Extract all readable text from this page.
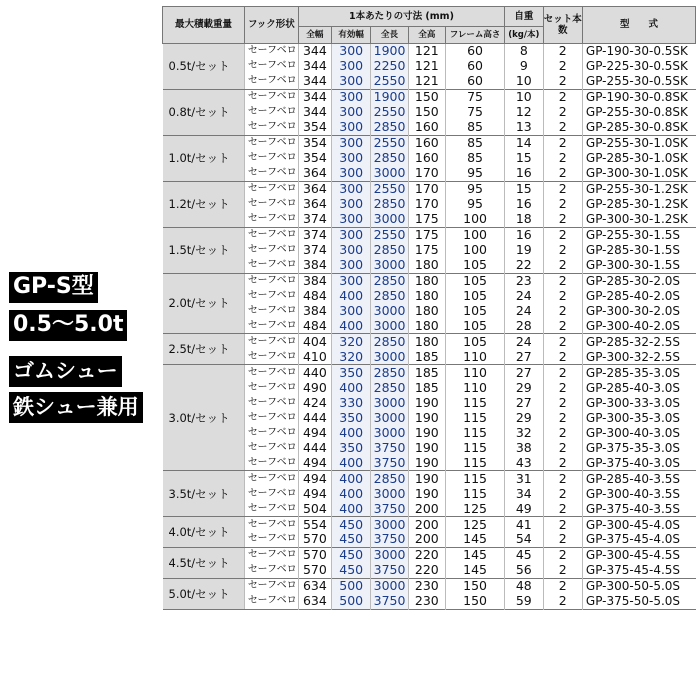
GP-S型
0.5〜5.0t
ゴムシュー
鉄シュー兼用
最大積載重量	フック形状	1本あたりの寸法 (mm)					自重	セット本数	型　　式
		全幅	有効幅	全長	全高	フレーム高さ	(kg/本)		
0.5t/セット	セーフベロ	344	300	1900	121	60	8	2	GP-190-30-0.5SK
	セーフベロ	344	300	2250	121	60	9	2	GP-225-30-0.5SK
	セーフベロ	344	300	2550	121	60	10	2	GP-255-30-0.5SK
0.8t/セット	セーフベロ	344	300	1900	150	75	10	2	GP-190-30-0.8SK
	セーフベロ	344	300	2550	150	75	12	2	GP-255-30-0.8SK
	セーフベロ	354	300	2850	160	85	13	2	GP-285-30-0.8SK
1.0t/セット	セーフベロ	354	300	2550	160	85	14	2	GP-255-30-1.0SK
	セーフベロ	354	300	2850	160	85	15	2	GP-285-30-1.0SK
	セーフベロ	364	300	3000	170	95	16	2	GP-300-30-1.0SK
1.2t/セット	セーフベロ	364	300	2550	170	95	15	2	GP-255-30-1.2SK
	セーフベロ	364	300	2850	170	95	16	2	GP-285-30-1.2SK
	セーフベロ	374	300	3000	175	100	18	2	GP-300-30-1.2SK
1.5t/セット	セーフベロ	374	300	2550	175	100	16	2	GP-255-30-1.5S
	セーフベロ	374	300	2850	175	100	19	2	GP-285-30-1.5S
	セーフベロ	384	300	3000	180	105	22	2	GP-300-30-1.5S
2.0t/セット	セーフベロ	384	300	2850	180	105	23	2	GP-285-30-2.0S
	セーフベロ	484	400	2850	180	105	24	2	GP-285-40-2.0S
	セーフベロ	384	300	3000	180	105	24	2	GP-300-30-2.0S
	セーフベロ	484	400	3000	180	105	28	2	GP-300-40-2.0S
2.5t/セット	セーフベロ	404	320	2850	180	105	24	2	GP-285-32-2.5S
	セーフベロ	410	320	3000	185	110	27	2	GP-300-32-2.5S
3.0t/セット	セーフベロ	440	350	2850	185	110	27	2	GP-285-35-3.0S
	セーフベロ	490	400	2850	185	110	29	2	GP-285-40-3.0S
	セーフベロ	424	330	3000	190	115	27	2	GP-300-33-3.0S
	セーフベロ	444	350	3000	190	115	29	2	GP-300-35-3.0S
	セーフベロ	494	400	3000	190	115	32	2	GP-300-40-3.0S
	セーフベロ	444	350	3750	190	115	38	2	GP-375-35-3.0S
	セーフベロ	494	400	3750	190	115	43	2	GP-375-40-3.0S
3.5t/セット	セーフベロ	494	400	2850	190	115	31	2	GP-285-40-3.5S
	セーフベロ	494	400	3000	190	115	34	2	GP-300-40-3.5S
	セーフベロ	504	400	3750	200	125	49	2	GP-375-40-3.5S
4.0t/セット	セーフベロ	554	450	3000	200	125	41	2	GP-300-45-4.0S
	セーフベロ	570	450	3750	200	145	54	2	GP-375-45-4.0S
4.5t/セット	セーフベロ	570	450	3000	220	145	45	2	GP-300-45-4.5S
	セーフベロ	570	450	3750	220	145	56	2	GP-375-45-4.5S
5.0t/セット	セーフベロ	634	500	3000	230	150	48	2	GP-300-50-5.0S
	セーフベロ	634	500	3750	230	150	59	2	GP-375-50-5.0S
